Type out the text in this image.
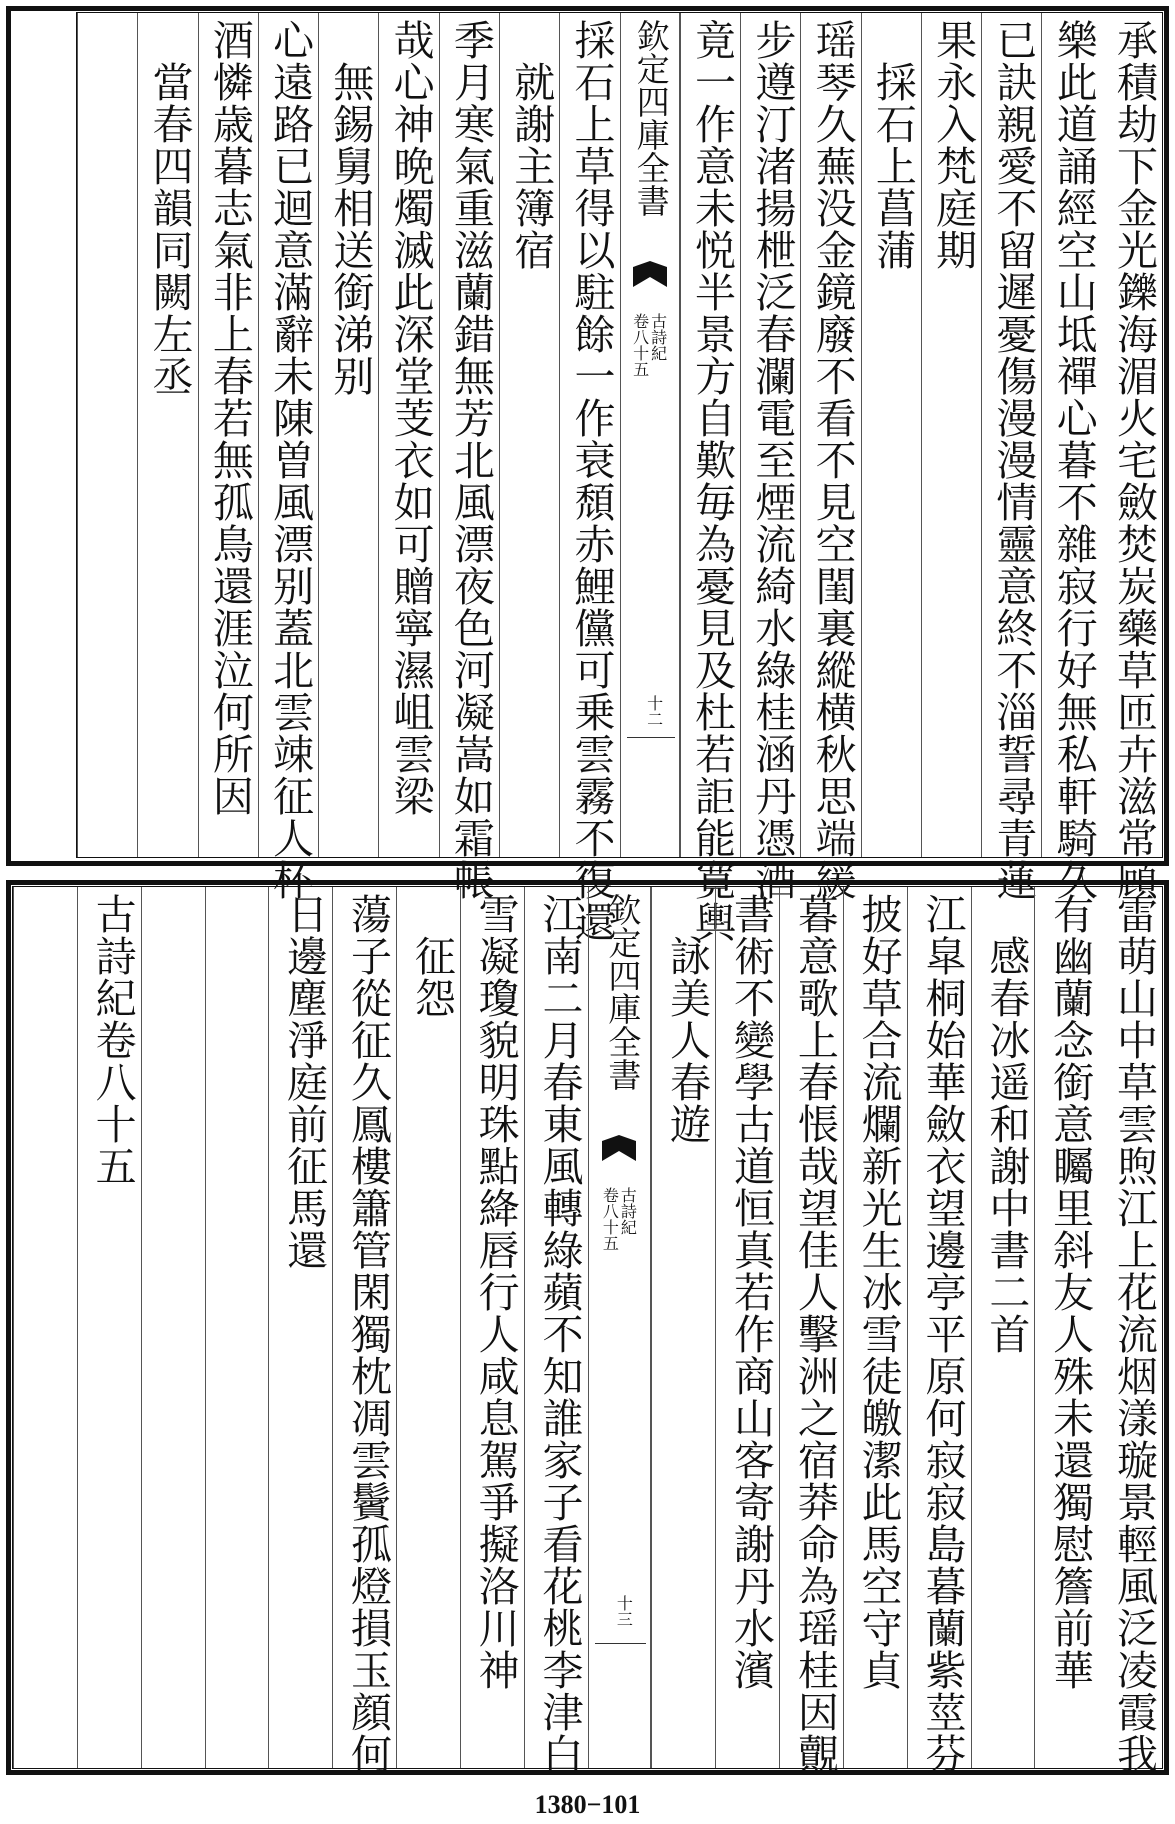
承積劫下金光鑠海湄火宅斂焚炭藥草匝卉滋常頋
樂此道誦經空山坻禪心暮不雜寂行好無私軒騎久
已訣親愛不留遲憂傷漫漫情靈意終不淄誓尋青蓮
果永入梵庭期
　採石上菖蒲
瑶琴久蕪没金鏡廢不看不見空閨裏縱横秋思端緩
步遵汀渚揚枻泛春瀾電至煙流綺水綠桂涵丹憑酒
竟一作意未悦半景方自歎毎為憂見及杜若詎能寛輿
欽定四庫全書
古詩紀
卷八十五
十二
採石上草得以駐餘一作衰頹赤鯉儻可乗雲霧不復還
　就謝主簿宿
季月寒氣重滋蘭錯無芳北風漂夜色河凝嵩如霜帳
哉心神晩燭滅此深堂芰衣如可贈寧濕岨雲梁
　無錫舅相送銜涕别
心遠路已迴意滿辭未陳曽風漂别蓋北雲竦征人杯
酒憐歳暮志氣非上春若無孤鳥還涯泣何所因
　當春四韻同闕左丞
雷萌山中草雲煦江上花流烟漾璇景輕風泛凌霞我
有幽蘭念銜意矚里斜友人殊未還獨慰簷前華
　感春冰遥和謝中書二首
江皐桐始華斂衣望邊亭平原何寂寂島暮蘭紫莖芬
披好草合流爛新光生冰雪徒皦潔此馬空守貞
暮意歌上春悵哉望佳人擊洲之宿莽命為瑶桂因覿
書術不變學古道恒真若作商山客寄謝丹水濱
　詠美人春遊
欽定四庫全書
古詩紀
卷八十五
十三
江南二月春東風轉綠蘋不知誰家子看花桃李津白
雪凝瓊貌明珠點絳唇行人咸息駕爭擬洛川神
　征怨
蕩子從征久鳳樓簫管閑獨枕凋雲鬢孤燈損玉顔何
日邊塵淨庭前征馬還
古詩紀卷八十五
1380−101
